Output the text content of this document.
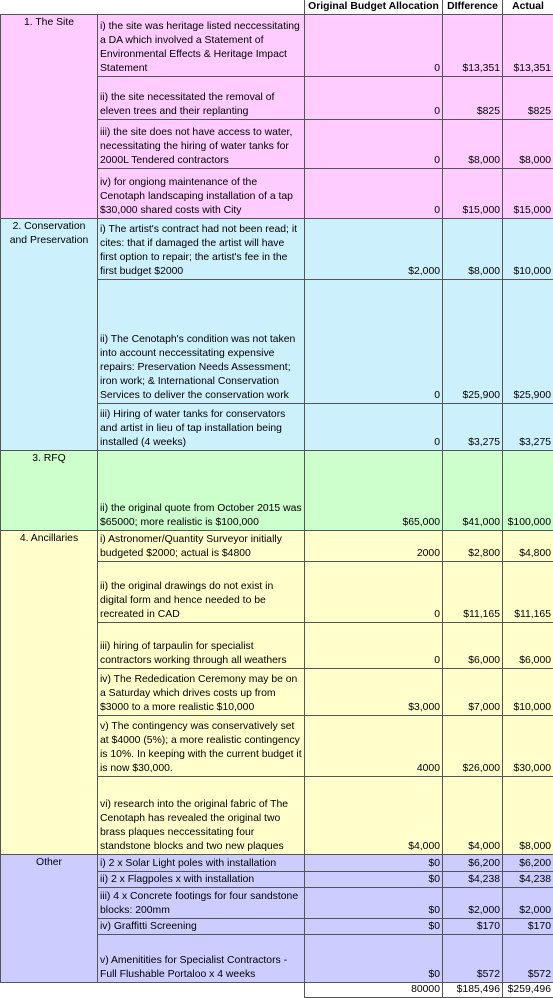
		Original Budget Allocation	DIfference	Actual
1. The Site	i) the site was heritage listed neccessitating a DA which involved a Statement of Environmental Effects & Heritage Impact Statement	0	$13,351	$13,351
	ii) the site necessitated the removal of eleven trees and their replanting	0	$825	$825
	iii) the site does not have access to water, necessitating the hiring of water tanks for 2000L Tendered contractors	0	$8,000	$8,000
	iv) for ongiong maintenance of the Cenotaph landscaping installation of a tap $30,000 shared costs with City	0	$15,000	$15,000
2. Conservation and Preservation	i) The artist's contract had not been read; it cites: that if damaged the artist will have first option to repair; the artist's fee in the first budget $2000	$2,000	$8,000	$10,000
	ii) The Cenotaph's condition was not taken into account neccessitating expensive repairs: Preservation Needs Assessment; iron work; & International Conservation Services to deliver the conservation work	0	$25,900	$25,900
	iii) Hiring of water tanks for conservators and artist in lieu of tap installation being installed (4 weeks)	0	$3,275	$3,275
3. RFQ	ii) the original quote from October 2015 was $65000; more realistic is $100,000	$65,000	$41,000	$100,000
4. Ancillaries	i) Astronomer/Quantity Surveyor initially budgeted $2000; actual is $4800	2000	$2,800	$4,800
	ii) the original drawings do not exist in digital form and hence needed to be recreated in CAD	0	$11,165	$11,165
	iii) hiring of tarpaulin for specialist contractors working through all weathers	0	$6,000	$6,000
	iv) The Rededication Ceremony may be on a Saturday which drives costs up from $3000 to a more realistic $10,000	$3,000	$7,000	$10,000
	v) The contingency was conservatively set at $4000 (5%); a more realistic contingency is 10%. In keeping with the current budget it is now $30,000.	4000	$26,000	$30,000
	vi) research into the original fabric of The Cenotaph has revealed the original two brass plaques neccessitating four standstone blocks and two new plaques	$4,000	$4,000	$8,000
Other	i) 2 x Solar Light poles with installation	$0	$6,200	$6,200
	ii) 2 x Flagpoles x with installation	$0	$4,238	$4,238
	iii) 4 x Concrete footings for four sandstone blocks: 200mm	$0	$2,000	$2,000
	iv) Graffitti Screening	$0	$170	$170
	v) Amenitities for Specialist Contractors - Full Flushable Portaloo x 4 weeks	$0	$572	$572
		80000	$185,496	$259,496
